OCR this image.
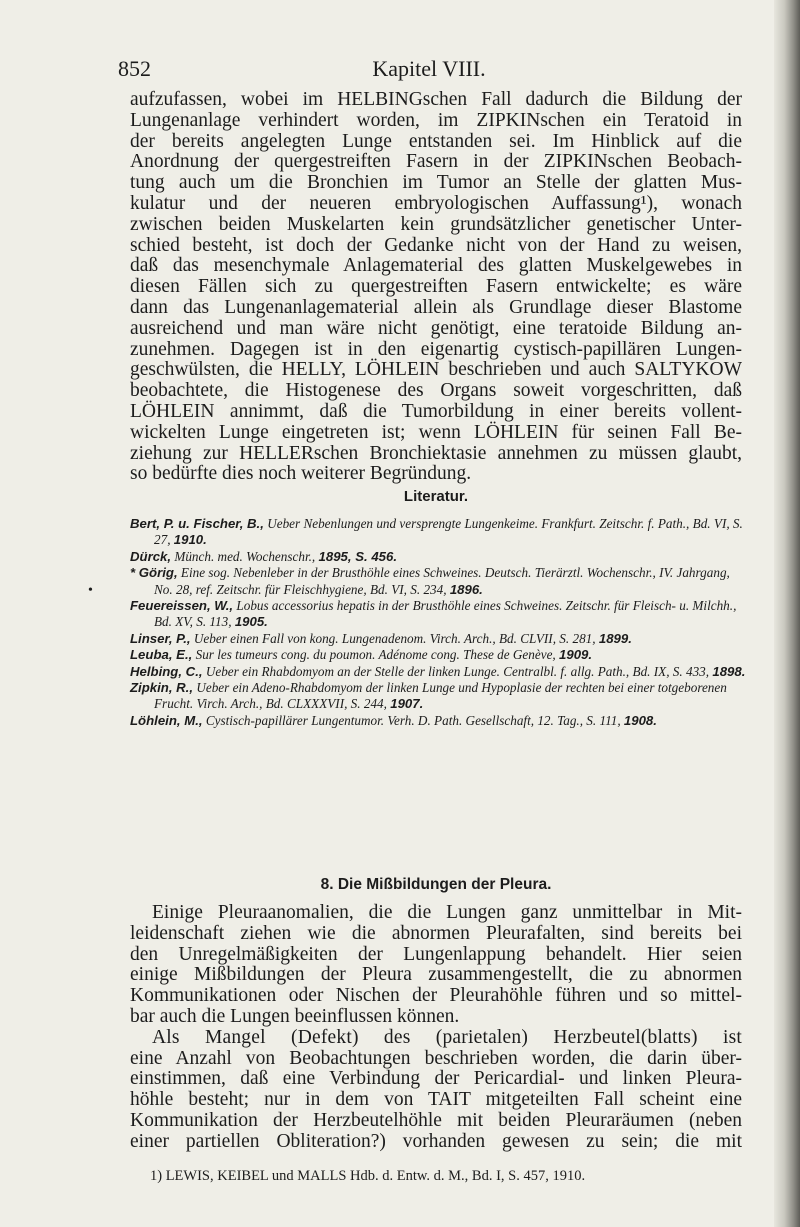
852	Kapitel VIII.
aufzufassen, wobei im HELBINGschen Fall dadurch die Bildung der
Lungenanlage verhindert worden, im ZIPKINschen ein Teratoid in
der bereits angelegten Lunge entstanden sei. Im Hinblick auf die
Anordnung der quergestreiften Fasern in der ZIPKINschen Beobach-
tung auch um die Bronchien im Tumor an Stelle der glatten Mus-
kulatur und der neueren embryologischen Auffassung¹), wonach
zwischen beiden Muskelarten kein grundsätzlicher genetischer Unter-
schied besteht, ist doch der Gedanke nicht von der Hand zu weisen,
daß das mesenchymale Anlagematerial des glatten Muskelgewebes in
diesen Fällen sich zu quergestreiften Fasern entwickelte; es wäre
dann das Lungenanlagematerial allein als Grundlage dieser Blastome
ausreichend und man wäre nicht genötigt, eine teratoide Bildung an-
zunehmen. Dagegen ist in den eigenartig cystisch-papillären Lungen-
geschwülsten, die HELLY, LÖHLEIN beschrieben und auch SALTYKOW
beobachtete, die Histogenese des Organs soweit vorgeschritten, daß
LÖHLEIN annimmt, daß die Tumorbildung in einer bereits vollent-
wickelten Lunge eingetreten ist; wenn LÖHLEIN für seinen Fall Be-
ziehung zur HELLERschen Bronchiektasie annehmen zu müssen glaubt,
so bedürfte dies noch weiterer Begründung.
Literatur.
•

Bert, P. u. Fischer, B., Ueber Nebenlungen und versprengte Lungenkeime. Frankfurt. Zeitschr. f. Path., Bd. VI, S. 27, 1910.

Dürck, Münch. med. Wochenschr., 1895, S. 456.

* Görig, Eine sog. Nebenleber in der Brusthöhle eines Schweines. Deutsch. Tierärztl. Wochenschr., IV. Jahrgang, No. 28, ref. Zeitschr. für Fleischhygiene, Bd. VI, S. 234, 1896.

Feuereissen, W., Lobus accessorius hepatis in der Brusthöhle eines Schweines. Zeitschr. für Fleisch- u. Milchh., Bd. XV, S. 113, 1905.

Linser, P., Ueber einen Fall von kong. Lungenadenom. Virch. Arch., Bd. CLVII, S. 281, 1899.

Leuba, E., Sur les tumeurs cong. du poumon. Adénome cong. These de Genève, 1909.

Helbing, C., Ueber ein Rhabdomyom an der Stelle der linken Lunge. Centralbl. f. allg. Path., Bd. IX, S. 433, 1898.

Zipkin, R., Ueber ein Adeno-Rhabdomyom der linken Lunge und Hypoplasie der rechten bei einer totgeborenen Frucht. Virch. Arch., Bd. CLXXXVII, S. 244, 1907.

Löhlein, M., Cystisch-papillärer Lungentumor. Verh. D. Path. Gesellschaft, 12. Tag., S. 111, 1908.

8. Die Mißbildungen der Pleura.
Einige Pleuraanomalien, die die Lungen ganz unmittelbar in Mit-
leidenschaft ziehen wie die abnormen Pleurafalten, sind bereits bei
den Unregelmäßigkeiten der Lungenlappung behandelt. Hier seien
einige Mißbildungen der Pleura zusammengestellt, die zu abnormen
Kommunikationen oder Nischen der Pleurahöhle führen und so mittel-
bar auch die Lungen beeinflussen können.
Als Mangel (Defekt) des (parietalen) Herzbeutel(blatts) ist
eine Anzahl von Beobachtungen beschrieben worden, die darin über-
einstimmen, daß eine Verbindung der Pericardial- und linken Pleura-
höhle besteht; nur in dem von TAIT mitgeteilten Fall scheint eine
Kommunikation der Herzbeutelhöhle mit beiden Pleuraräumen (neben
einer partiellen Obliteration?) vorhanden gewesen zu sein; die mit
1) LEWIS, KEIBEL und MALLS Hdb. d. Entw. d. M., Bd. I, S. 457, 1910.
